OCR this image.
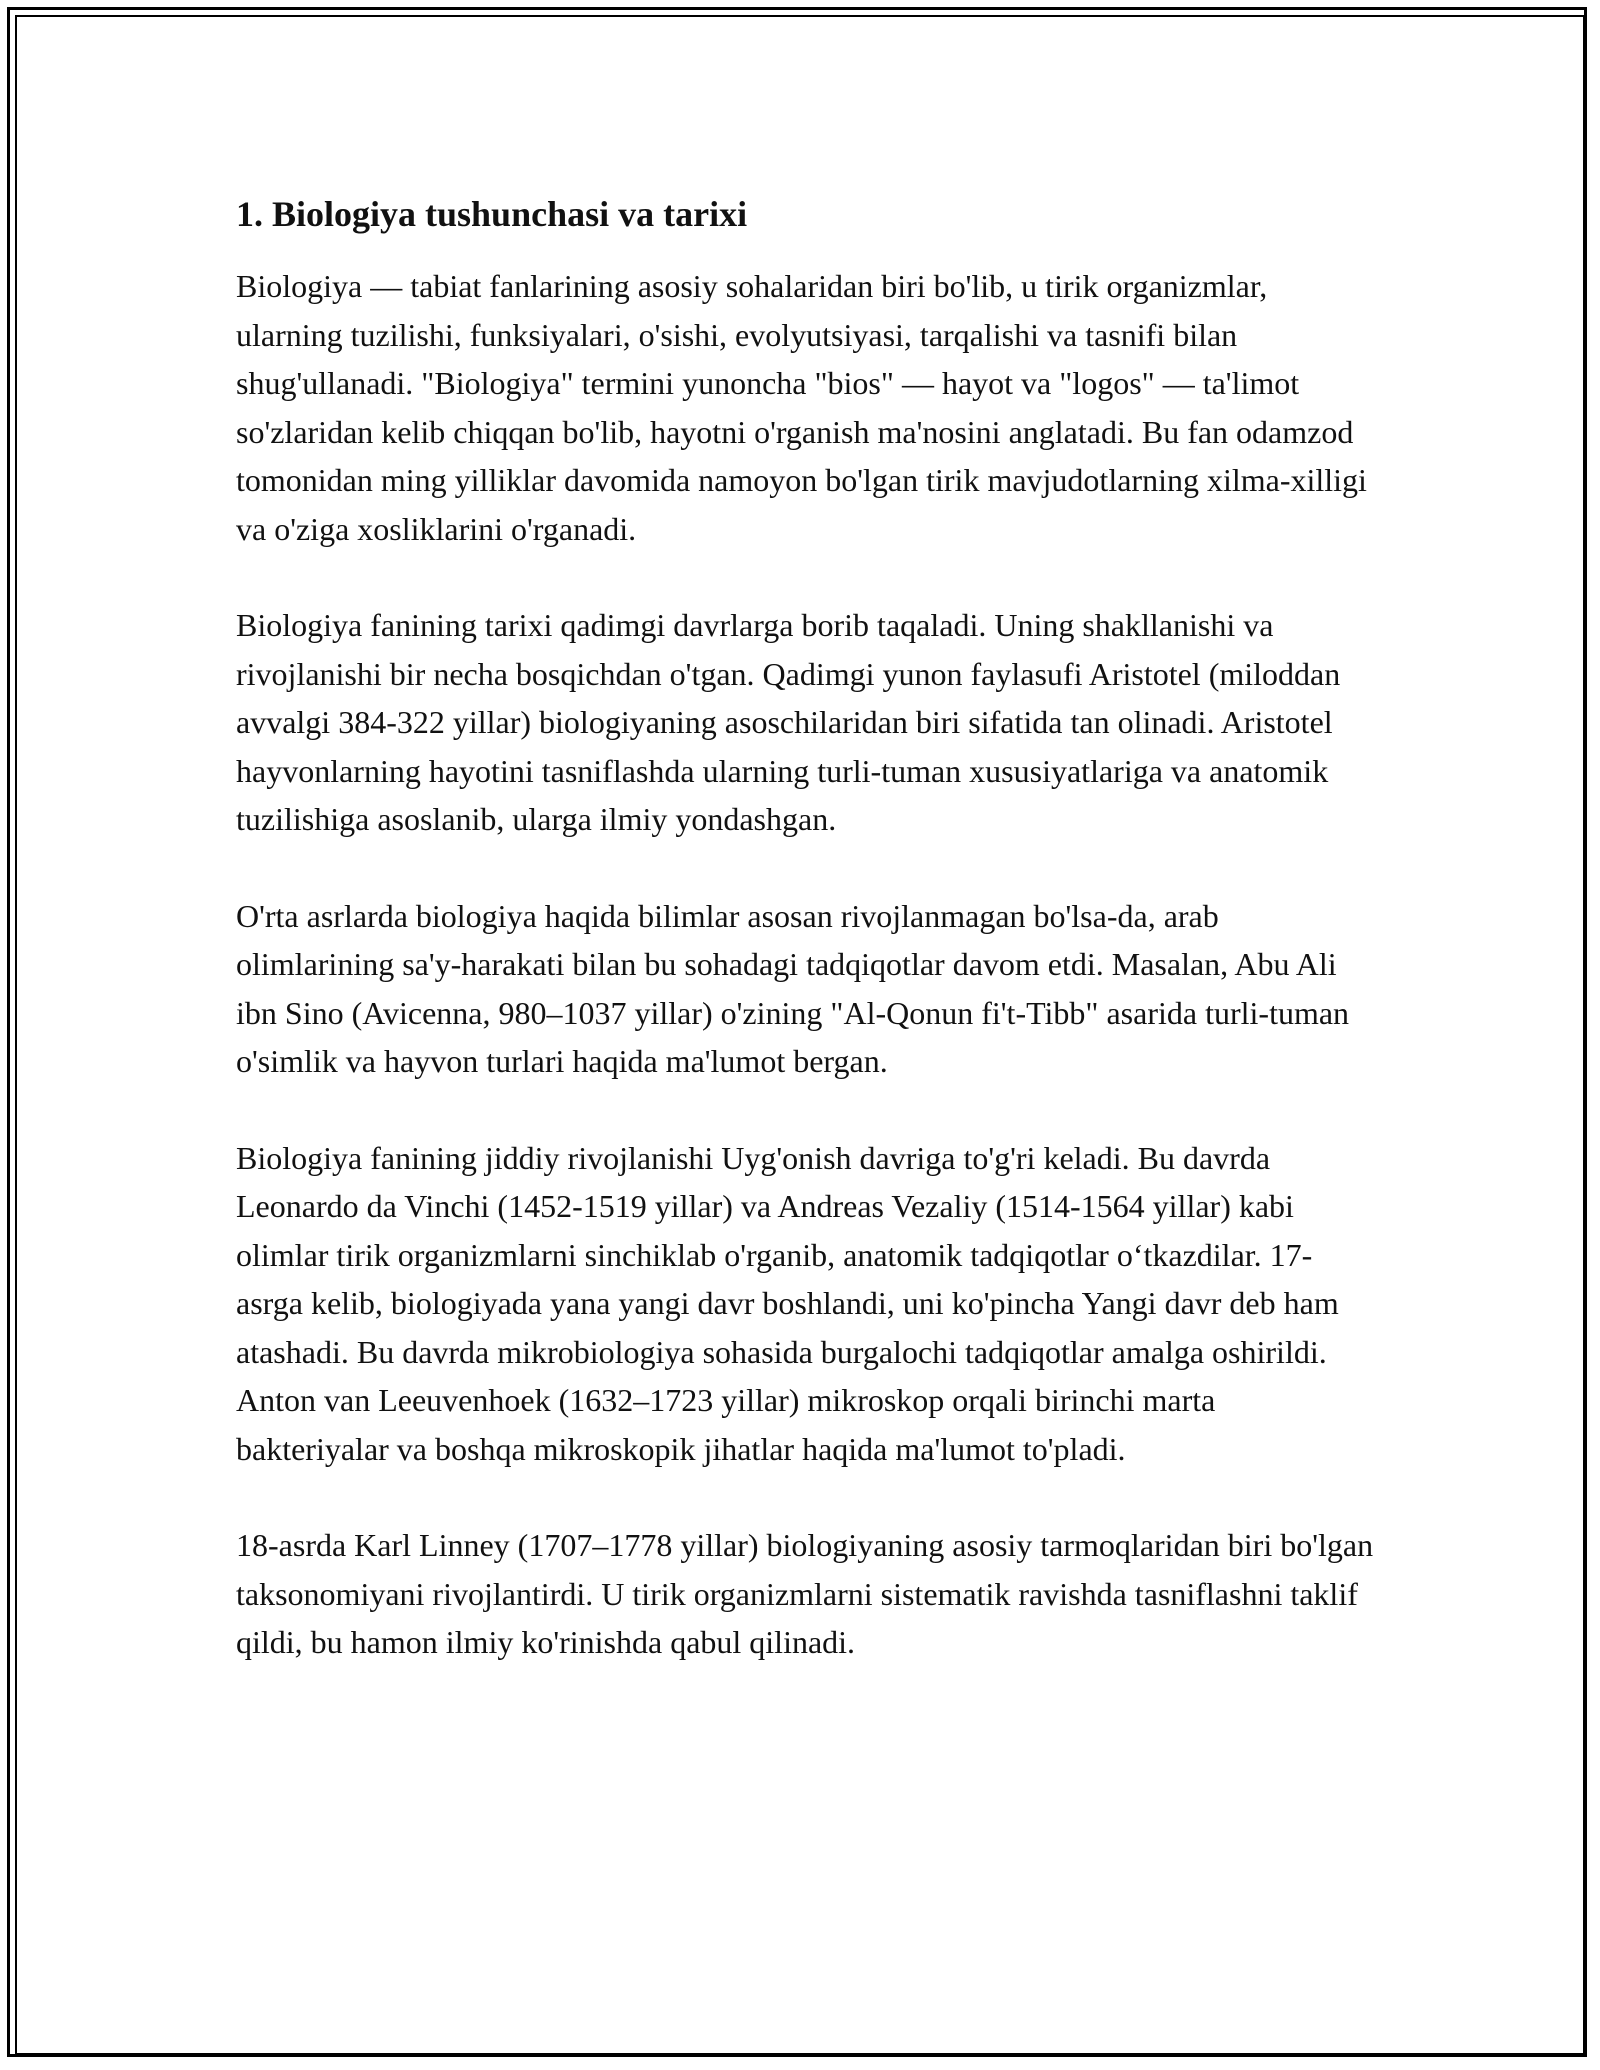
1. Biologiya tushunchasi va tarixi

Biologiya — tabiat fanlarining asosiy sohalaridan biri bo'lib, u tirik organizmlar, ularning tuzilishi, funksiyalari, o'sishi, evolyutsiyasi, tarqalishi va tasnifi bilan shug'ullanadi. "Biologiya" termini yunoncha "bios" — hayot va "logos" — ta'limot so'zlaridan kelib chiqqan bo'lib, hayotni o'rganish ma'nosini anglatadi. Bu fan odamzod tomonidan ming yilliklar davomida namoyon bo'lgan tirik mavjudotlarning xilma-xilligi va o'ziga xosliklarini o'rganadi.

Biologiya fanining tarixi qadimgi davrlarga borib taqaladi. Uning shakllanishi va rivojlanishi bir necha bosqichdan o'tgan. Qadimgi yunon faylasufi Aristotel (miloddan avvalgi 384-322 yillar) biologiyaning asoschilaridan biri sifatida tan olinadi. Aristotel hayvonlarning hayotini tasniflashda ularning turli-tuman xususiyatlariga va anatomik tuzilishiga asoslanib, ularga ilmiy yondashgan.

O'rta asrlarda biologiya haqida bilimlar asosan rivojlanmagan bo'lsa-da, arab olimlarining sa'y-harakati bilan bu sohadagi tadqiqotlar davom etdi. Masalan, Abu Ali ibn Sino (Avicenna, 980–1037 yillar) o'zining "Al-Qonun fi't-Tibb" asarida turli-tuman o'simlik va hayvon turlari haqida ma'lumot bergan.

Biologiya fanining jiddiy rivojlanishi Uyg'onish davriga to'g'ri keladi. Bu davrda Leonardo da Vinchi (1452-1519 yillar) va Andreas Vezaliy (1514-1564 yillar) kabi olimlar tirik organizmlarni sinchiklab o'rganib, anatomik tadqiqotlar o‘tkazdilar. 17-asrga kelib, biologiyada yana yangi davr boshlandi, uni ko'pincha Yangi davr deb ham atashadi. Bu davrda mikrobiologiya sohasida burgalochi tadqiqotlar amalga oshirildi. Anton van Leeuvenhoek (1632–1723 yillar) mikroskop orqali birinchi marta bakteriyalar va boshqa mikroskopik jihatlar haqida ma'lumot to'pladi.

18-asrda Karl Linney (1707–1778 yillar) biologiyaning asosiy tarmoqlaridan biri bo'lgan taksonomiyani rivojlantirdi. U tirik organizmlarni sistematik ravishda tasniflashni taklif qildi, bu hamon ilmiy ko'rinishda qabul qilinadi.
